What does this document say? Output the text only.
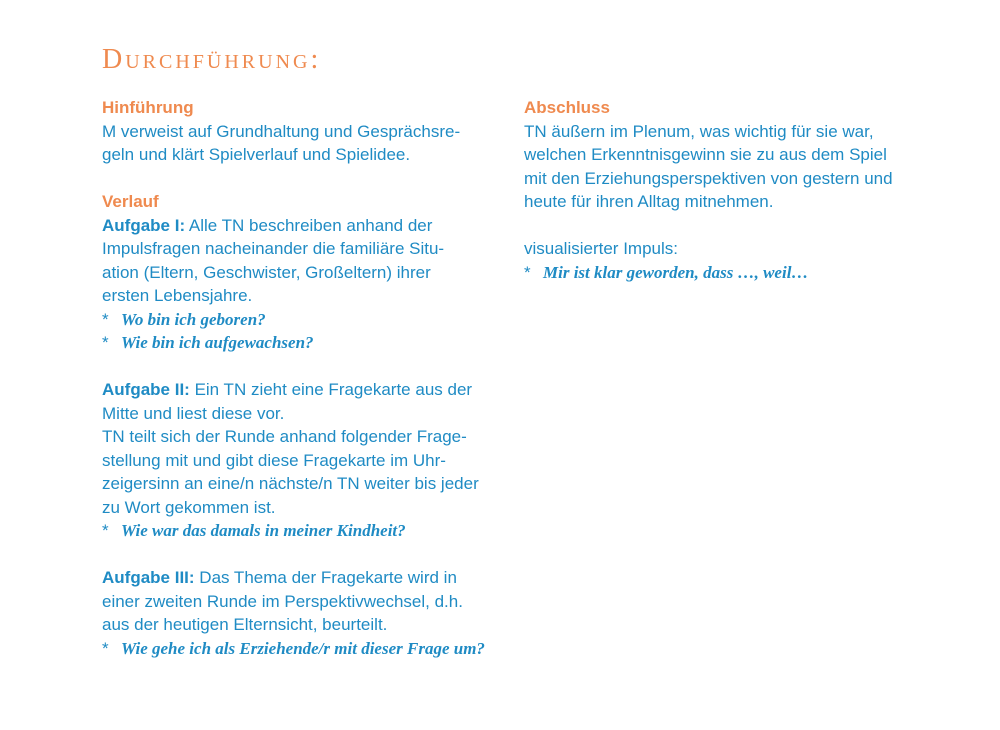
Durchführung:
Hinführung
M verweist auf Grundhaltung und Gesprächsre-
geln und klärt Spielverlauf und Spielidee.
Verlauf
Aufgabe I: Alle TN beschreiben anhand der
Impulsfragen nacheinander die familiäre Situ-
ation (Eltern, Geschwister, Großeltern) ihrer
ersten Lebensjahre.
* Wo bin ich geboren?
* Wie bin ich aufgewachsen?
Aufgabe II: Ein TN zieht eine Fragekarte aus der
Mitte und liest diese vor.
TN teilt sich der Runde anhand folgender Frage-
stellung mit und gibt diese Fragekarte im Uhr-
zeigersinn an eine/n nächste/n TN weiter bis jeder
zu Wort gekommen ist.
* Wie war das damals in meiner Kindheit?
Aufgabe III: Das Thema der Fragekarte wird in
einer zweiten Runde im Perspektivwechsel, d.h.
aus der heutigen Elternsicht, beurteilt.
* Wie gehe ich als Erziehende/r mit dieser Frage um?
Abschluss
TN äußern im Plenum, was wichtig für sie war,
welchen Erkenntnisgewinn sie zu aus dem Spiel
mit den Erziehungsperspektiven von gestern und
heute für ihren Alltag mitnehmen.
visualisierter Impuls:
* Mir ist klar geworden, dass …, weil…
